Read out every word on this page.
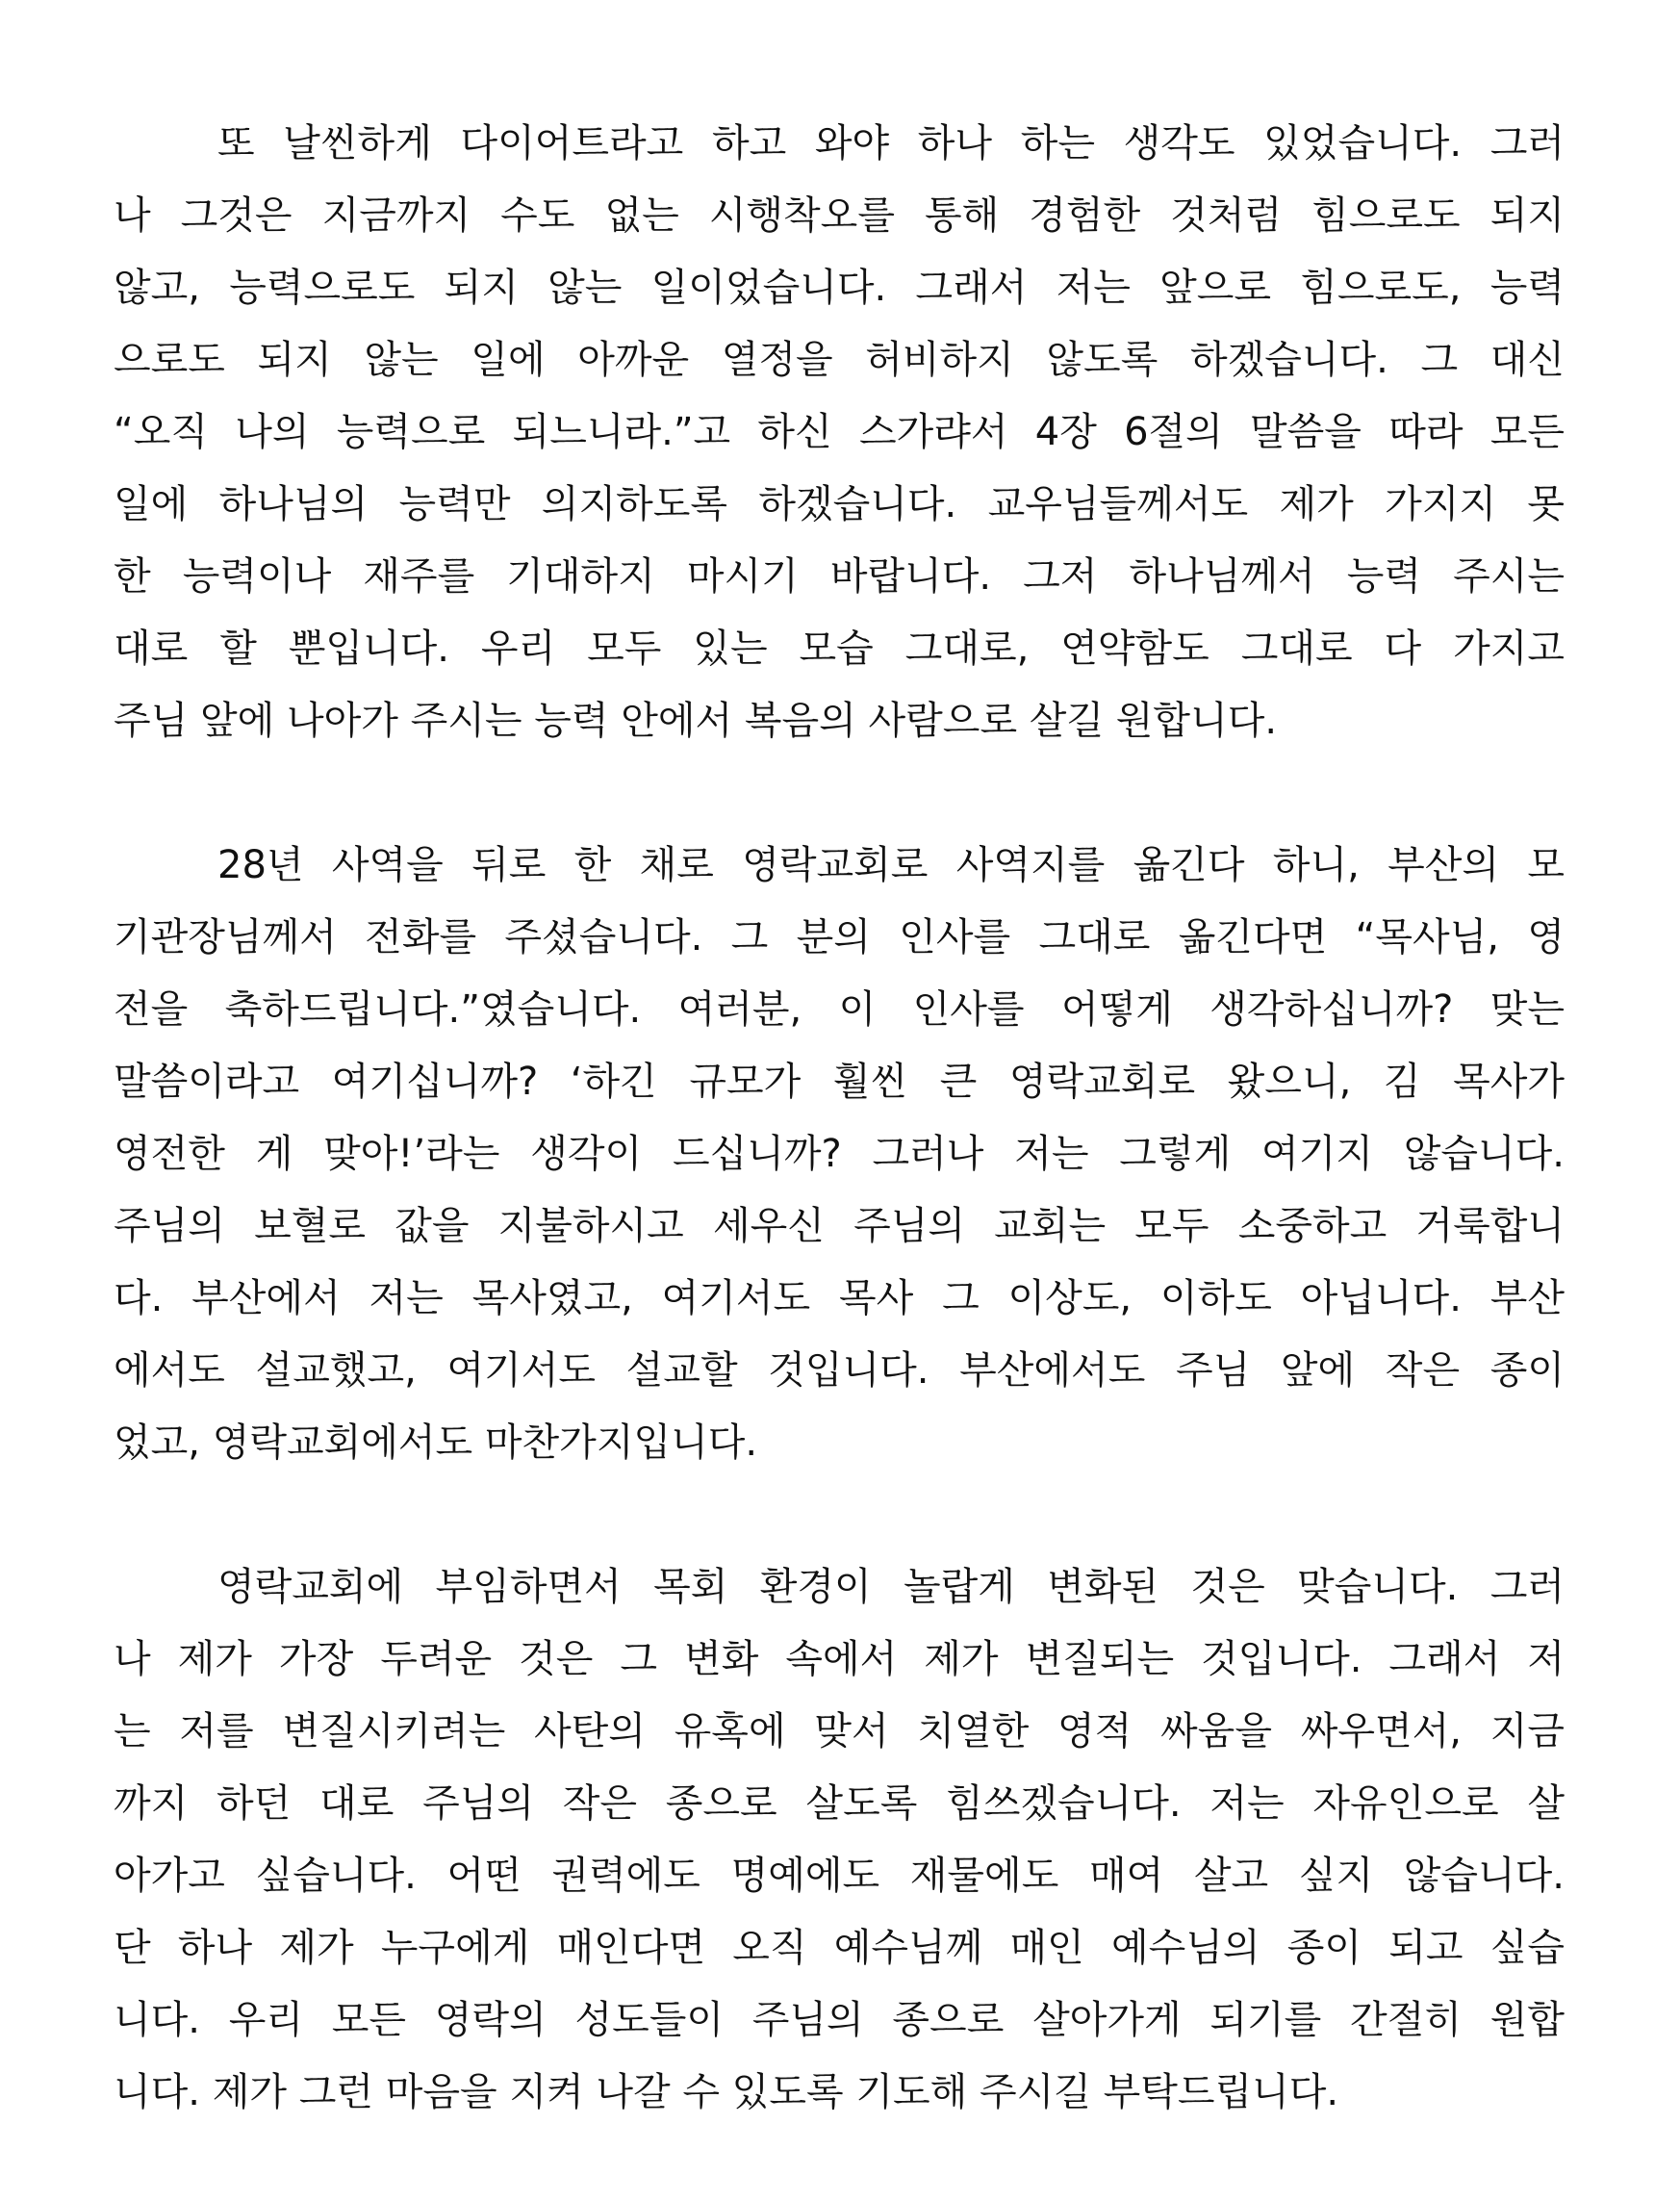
또 날씬하게 다이어트라고 하고 와야 하나 하는 생각도 있었습니다. 그러
나 그것은 지금까지 수도 없는 시행착오를 통해 경험한 것처럼 힘으로도 되지
않고, 능력으로도 되지 않는 일이었습니다. 그래서 저는 앞으로 힘으로도, 능력
으로도 되지 않는 일에 아까운 열정을 허비하지 않도록 하겠습니다. 그 대신
“오직 나의 능력으로 되느니라.”고 하신 스가랴서 4장 6절의 말씀을 따라 모든
일에 하나님의 능력만 의지하도록 하겠습니다. 교우님들께서도 제가 가지지 못
한 능력이나 재주를 기대하지 마시기 바랍니다. 그저 하나님께서 능력 주시는
대로 할 뿐입니다. 우리 모두 있는 모습 그대로, 연약함도 그대로 다 가지고
주님 앞에 나아가 주시는 능력 안에서 복음의 사람으로 살길 원합니다.
28년 사역을 뒤로 한 채로 영락교회로 사역지를 옮긴다 하니, 부산의 모
기관장님께서 전화를 주셨습니다. 그 분의 인사를 그대로 옮긴다면 “목사님, 영
전을 축하드립니다.”였습니다. 여러분, 이 인사를 어떻게 생각하십니까? 맞는
말씀이라고 여기십니까? ‘하긴 규모가 훨씬 큰 영락교회로 왔으니, 김 목사가
영전한 게 맞아!’라는 생각이 드십니까? 그러나 저는 그렇게 여기지 않습니다.
주님의 보혈로 값을 지불하시고 세우신 주님의 교회는 모두 소중하고 거룩합니
다. 부산에서 저는 목사였고, 여기서도 목사 그 이상도, 이하도 아닙니다. 부산
에서도 설교했고, 여기서도 설교할 것입니다. 부산에서도 주님 앞에 작은 종이
었고, 영락교회에서도 마찬가지입니다.
영락교회에 부임하면서 목회 환경이 놀랍게 변화된 것은 맞습니다. 그러
나 제가 가장 두려운 것은 그 변화 속에서 제가 변질되는 것입니다. 그래서 저
는 저를 변질시키려는 사탄의 유혹에 맞서 치열한 영적 싸움을 싸우면서, 지금
까지 하던 대로 주님의 작은 종으로 살도록 힘쓰겠습니다. 저는 자유인으로 살
아가고 싶습니다. 어떤 권력에도 명예에도 재물에도 매여 살고 싶지 않습니다.
단 하나 제가 누구에게 매인다면 오직 예수님께 매인 예수님의 종이 되고 싶습
니다. 우리 모든 영락의 성도들이 주님의 종으로 살아가게 되기를 간절히 원합
니다. 제가 그런 마음을 지켜 나갈 수 있도록 기도해 주시길 부탁드립니다.
